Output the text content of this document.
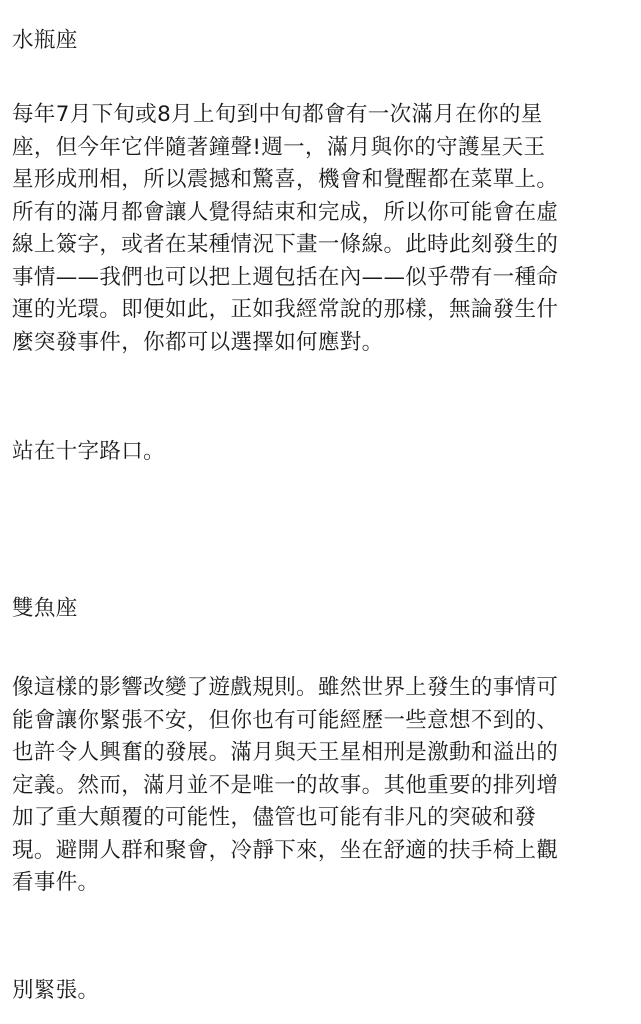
水瓶座
每年7月下旬或8月上旬到中旬都會有一次滿月在你的星
座，但今年它伴隨著鐘聲!週一，滿月與你的守護星天王
星形成刑相，所以震撼和驚喜，機會和覺醒都在菜單上。
所有的滿月都會讓人覺得結束和完成，所以你可能會在虛
線上簽字，或者在某種情況下畫一條線。此時此刻發生的
事情——我們也可以把上週包括在內——似乎帶有一種命
運的光環。即便如此，正如我經常說的那樣，無論發生什
麼突發事件，你都可以選擇如何應對。
站在十字路口。
雙魚座
像這樣的影響改變了遊戲規則。雖然世界上發生的事情可
能會讓你緊張不安，但你也有可能經歷一些意想不到的、
也許令人興奮的發展。滿月與天王星相刑是激動和溢出的
定義。然而，滿月並不是唯一的故事。其他重要的排列增
加了重大顛覆的可能性，儘管也可能有非凡的突破和發
現。避開人群和聚會，冷靜下來，坐在舒適的扶手椅上觀
看事件。
別緊張。
